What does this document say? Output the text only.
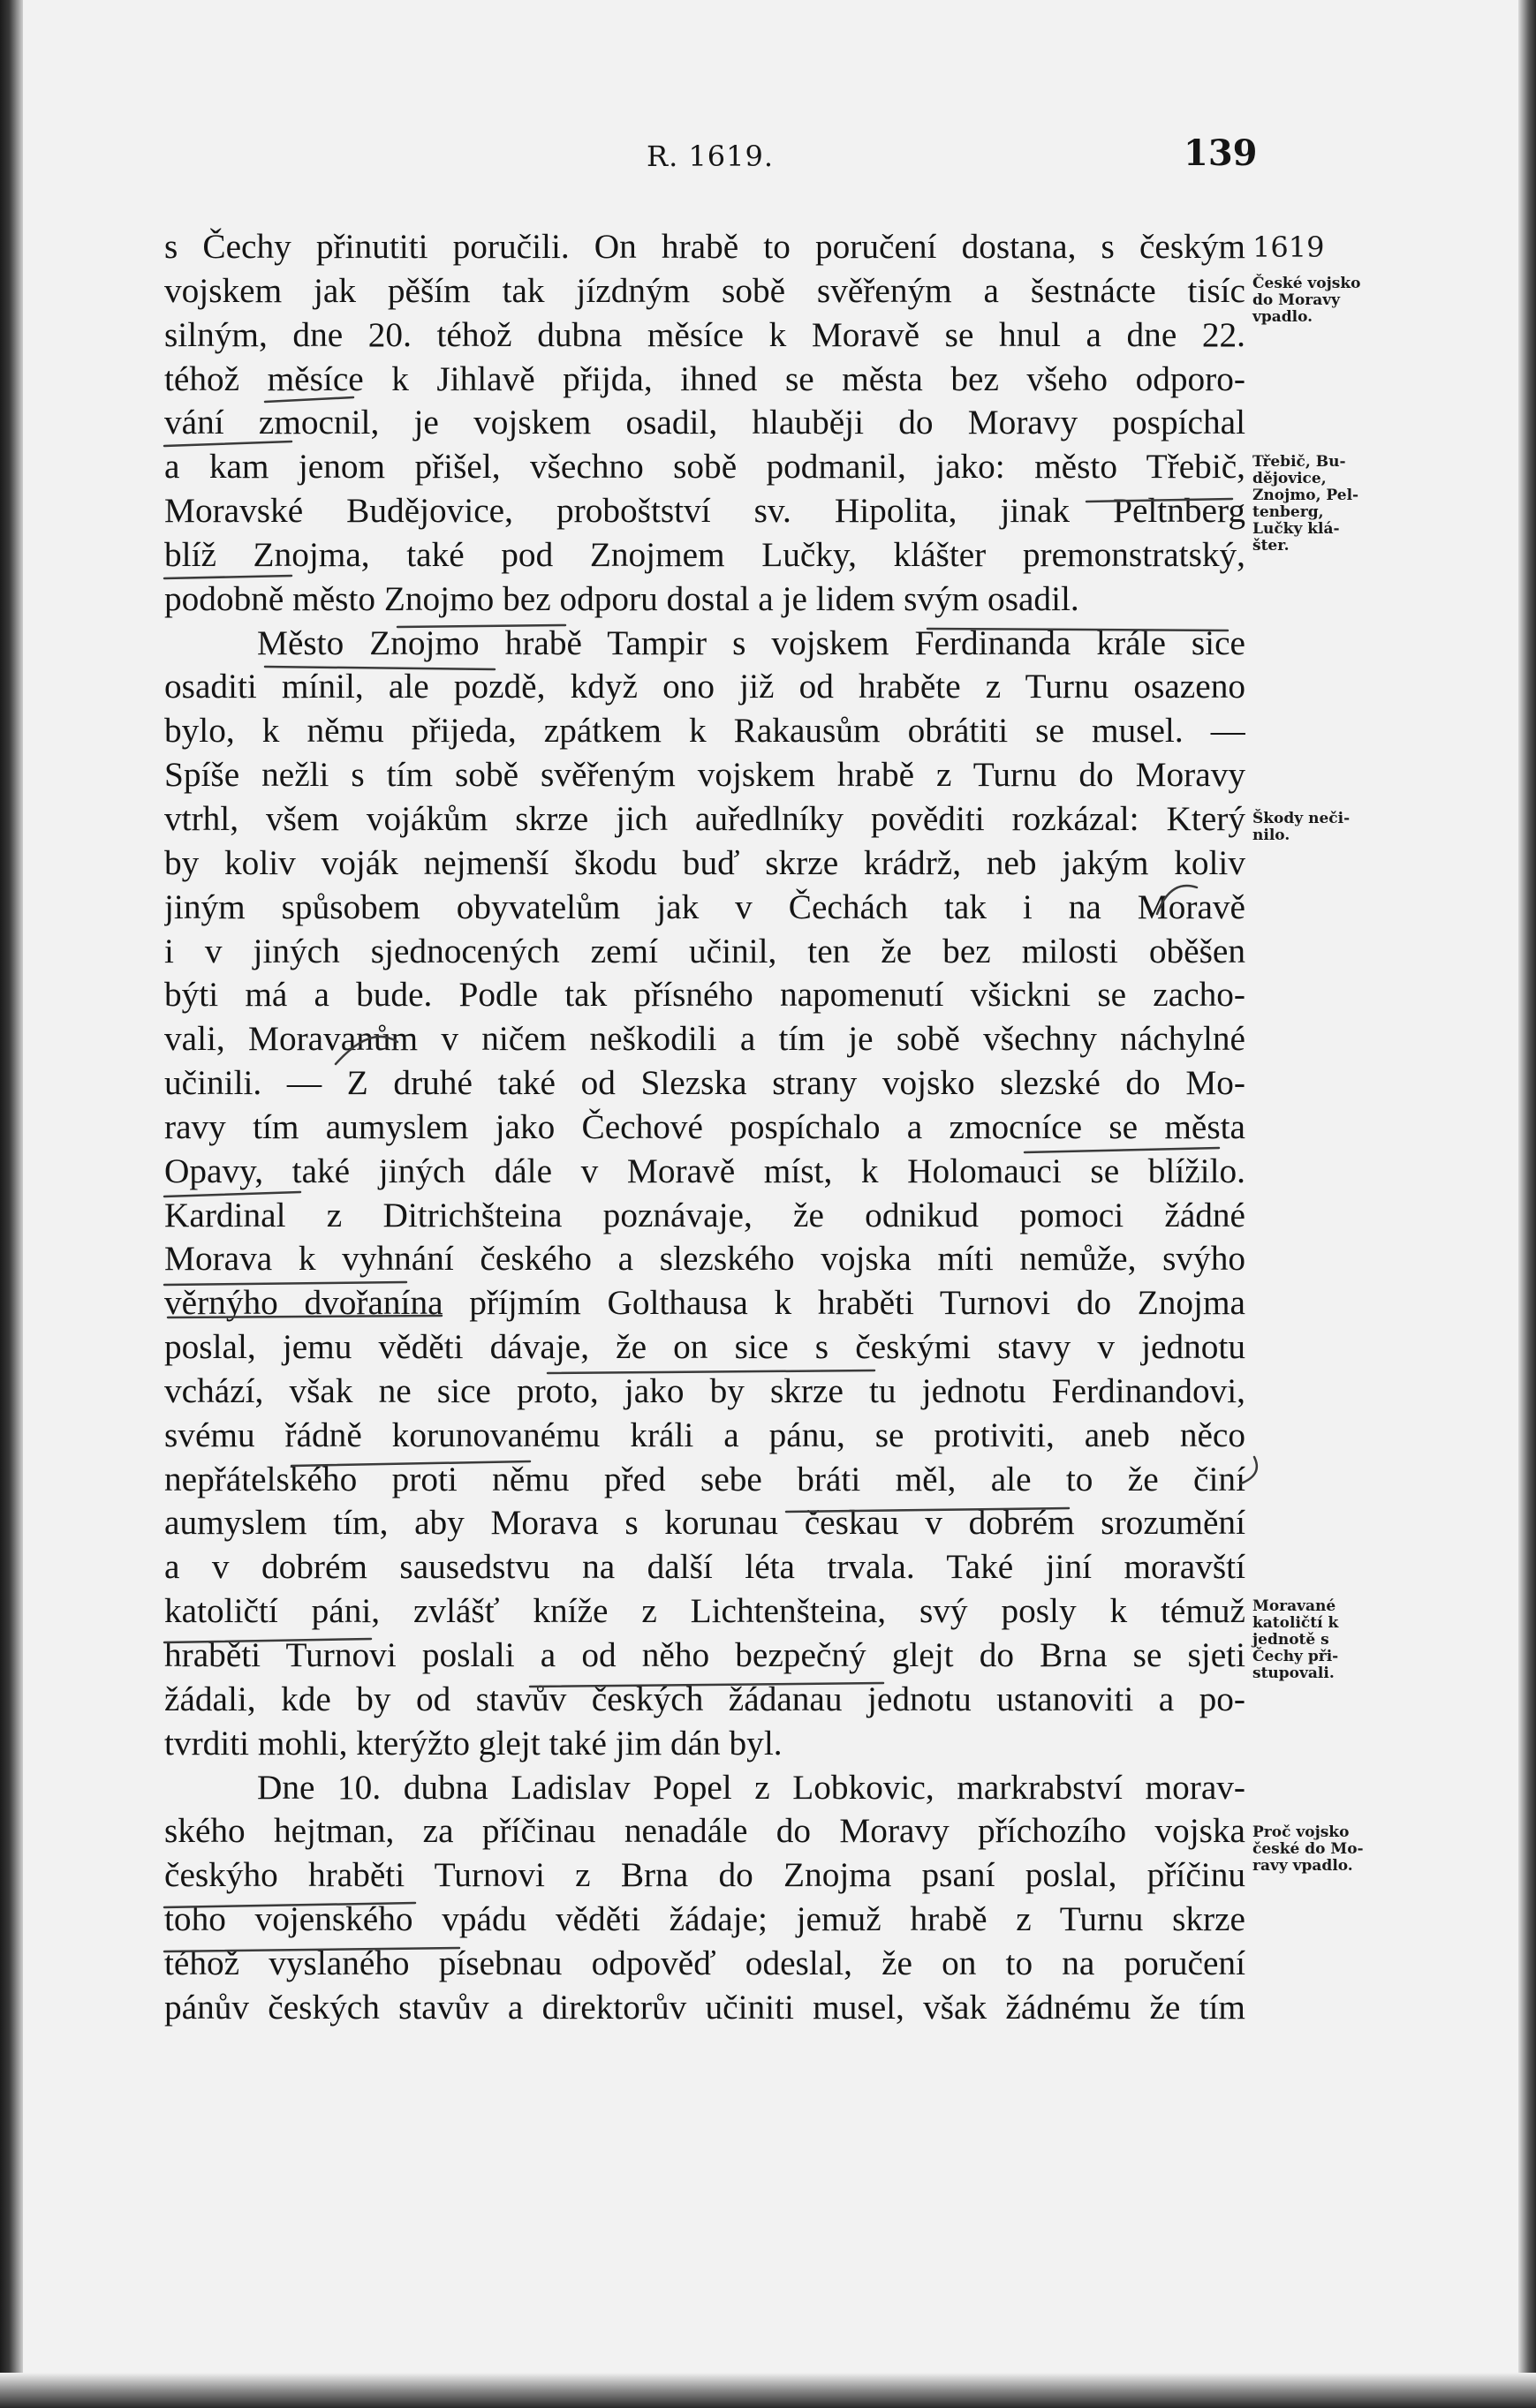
R. 1619.	139
s Čechy přinutiti poručili. On hrabě to poručení dostana, s českým
vojskem jak pěším tak jízdným sobě svěřeným a šestnácte tisíc
silným, dne 20. téhož dubna měsíce k Moravě se hnul a dne 22.
téhož měsíce k Jihlavě přijda, ihned se města bez všeho odporo-
vání zmocnil, je vojskem osadil, hlauběji do Moravy pospíchal
a kam jenom přišel, všechno sobě podmanil, jako: město Třebič,
Moravské Budějovice, proboštství sv. Hipolita, jinak Peltnberg
blíž Znojma, také pod Znojmem Lučky, klášter premonstratský,
podobně město Znojmo bez odporu dostal a je lidem svým osadil.
Město Znojmo hrabě Tampir s vojskem Ferdinanda krále sice
osaditi mínil, ale pozdě, když ono již od hraběte z Turnu osazeno
bylo, k němu přijeda, zpátkem k Rakausům obrátiti se musel. —
Spíše nežli s tím sobě svěřeným vojskem hrabě z Turnu do Moravy
vtrhl, všem vojákům skrze jich auředlníky pověditi rozkázal: Který
by koliv voják nejmenší škodu buď skrze krádrž, neb jakým koliv
jiným spůsobem obyvatelům jak v Čechách tak i na Moravě
i v jiných sjednocených zemí učinil, ten že bez milosti oběšen
býti má a bude. Podle tak přísného napomenutí všickni se zacho-
vali, Moravanům v ničem neškodili a tím je sobě všechny náchylné
učinili. — Z druhé také od Slezska strany vojsko slezské do Mo-
ravy tím aumyslem jako Čechové pospíchalo a zmocníce se města
Opavy, také jiných dále v Moravě míst, k Holomauci se blížilo.
Kardinal z Ditrichšteina poznávaje, že odnikud pomoci žádné
Morava k vyhnání českého a slezského vojska míti nemůže, svýho
věrnýho dvořanína příjmím Golthausa k hraběti Turnovi do Znojma
poslal, jemu věděti dávaje, že on sice s českými stavy v jednotu
vchází, však ne sice proto, jako by skrze tu jednotu Ferdinandovi,
svému řádně korunovanému králi a pánu, se protiviti, aneb něco
nepřátelského proti němu před sebe bráti měl, ale to že činí
aumyslem tím, aby Morava s korunau českau v dobrém srozumění
a v dobrém sausedstvu na další léta trvala. Také jiní moravští
katoličtí páni, zvlášť kníže z Lichtenšteina, svý posly k témuž
hraběti Turnovi poslali a od něho bezpečný glejt do Brna se sjeti
žádali, kde by od stavův českých žádanau jednotu ustanoviti a po-
tvrditi mohli, kterýžto glejt také jim dán byl.
Dne 10. dubna Ladislav Popel z Lobkovic, markrabství morav-
ského hejtman, za příčinau nenadále do Moravy příchozího vojska
českýho hraběti Turnovi z Brna do Znojma psaní poslal, příčinu
toho vojenského vpádu věděti žádaje; jemuž hrabě z Turnu skrze
téhož vyslaného písebnau odpověď odeslal, že on to na poručení
pánův českých stavův a direktorův učiniti musel, však žádnému že tím
1619
České vojsko
do Moravy
vpadlo.
Třebič, Bu-
dějovice,
Znojmo, Pel-
tenberg,
Lučky klá-
šter.
Škody neči-
nilo.
Moravané
katoličtí k
jednotě s
Čechy při-
stupovali.
Proč vojsko
české do Mo-
ravy vpadlo.
